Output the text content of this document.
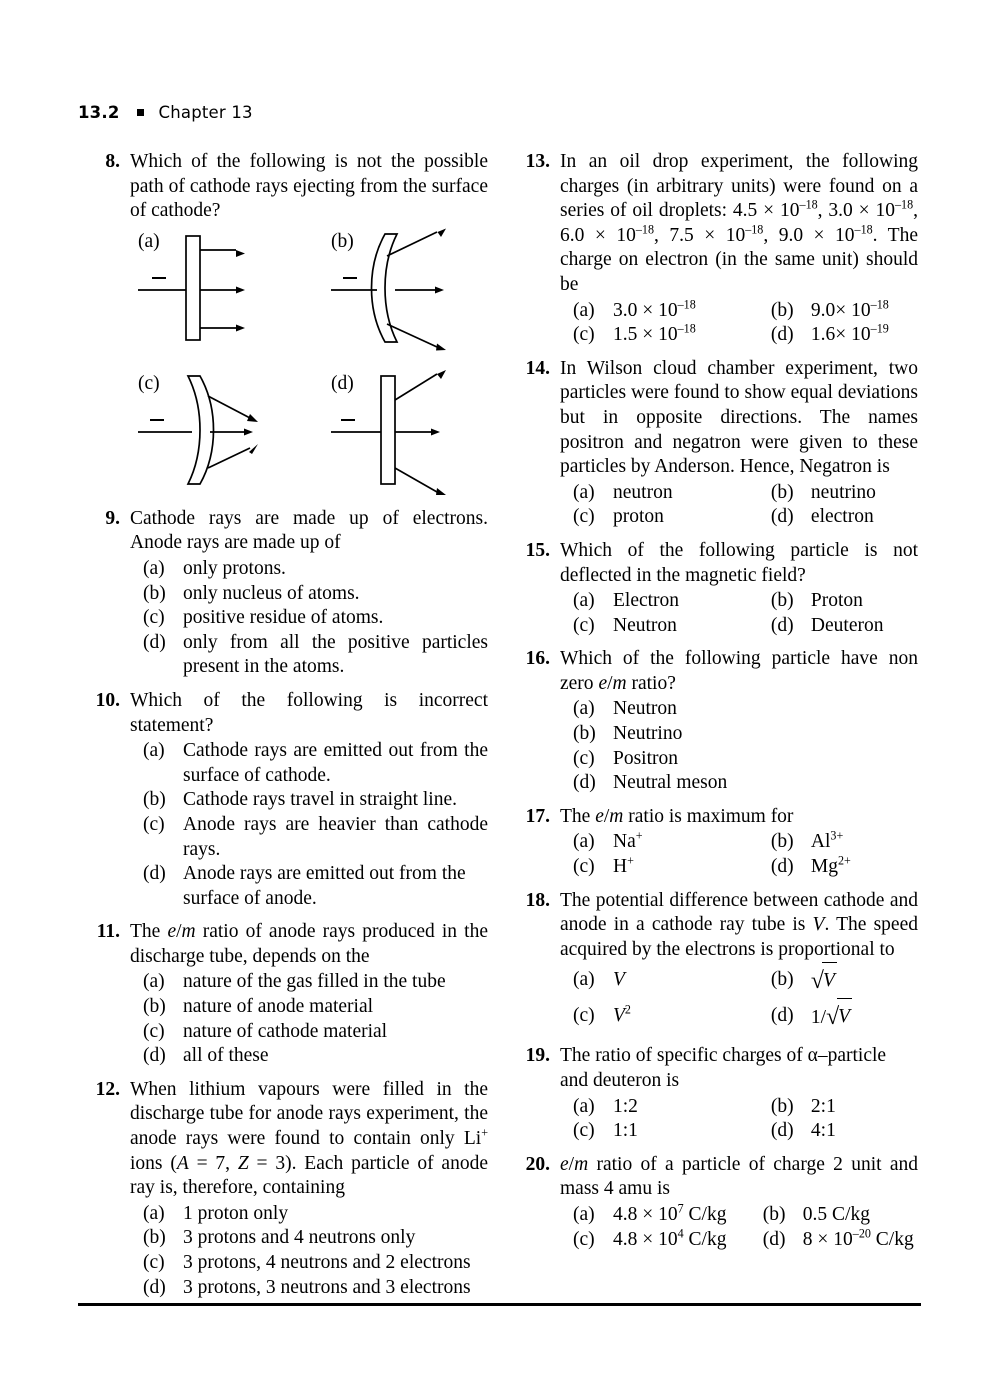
13.2 Chapter 13
8. Which of the following is not the possible path of cathode rays ejecting from the surface of cathode?
(a)	(b)
(c)	(d)
9. Cathode rays are made up of electrons. Anode rays are made up of
(a) only protons.
(b) only nucleus of atoms.
(c) positive residue of atoms.
(d) only from all the positive particles present in the atoms.
10. Which of the following is incorrect statement?
(a) Cathode rays are emitted out from the surface of cathode.
(b) Cathode rays travel in straight line.
(c) Anode rays are heavier than cathode rays.
(d) Anode rays are emitted out from the surface of anode.
11. The e/m ratio of anode rays produced in the discharge tube, depends on the
(a) nature of the gas filled in the tube
(b) nature of anode material
(c) nature of cathode material
(d) all of these
12. When lithium vapours were filled in the discharge tube for anode rays experiment, the anode rays were found to contain only Li+ ions (A = 7, Z = 3). Each particle of anode ray is, therefore, containing
(a) 1 proton only
(b) 3 protons and 4 neutrons only
(c) 3 protons, 4 neutrons and 2 electrons
(d) 3 protons, 3 neutrons and 3 electrons
13. In an oil drop experiment, the following charges (in arbitrary units) were found on a series of oil droplets: $4.5 \times 10^{-18}$, $3.0 \times 10^{-18}$, $6.0 \times 10^{-18}$, $7.5 \times 10^{-18}$, $9.0 \times 10^{-18}$. The charge on electron (in the same unit) should be
(a) $3.0 \times 10^{-18}$	(b) $9.0\times 10^{-18}$
(c) $1.5 \times 10^{-18}$	(d) $1.6\times 10^{-19}$
14. In Wilson cloud chamber experiment, two particles were found to show equal deviations but in opposite directions. The names positron and negatron were given to these particles by Anderson. Hence, Negatron is
(a) neutron	(b) neutrino
(c) proton	(d) electron
15. Which of the following particle is not deflected in the magnetic field?
(a) Electron	(b) Proton
(c) Neutron	(d) Deuteron
16. Which of the following particle have non zero e/m ratio?
(a) Neutron
(b) Neutrino
(c) Positron
(d) Neutral meson
17. The e/m ratio is maximum for
(a) Na+	(b) $Al^{3+}$
(c) H+	(d) $Mg^{2+}$
18. The potential difference between cathode and anode in a cathode ray tube is V. The speed acquired by the electrons is proportional to
(a) V	(b) √V
(c) $V^2$	(d) 1/√V
19. The ratio of specific charges of α–particle and deuteron is
(a) 1:2	(b) 2:1
(c) 1:1	(d) 4:1
20. e/m ratio of a particle of charge 2 unit and mass 4 amu is
(a) $4.8 \times 10^7$ C/kg	(b) 0.5 C/kg
(c) $4.8 \times 10^4$ C/kg	(d) $8 \times 10^{-20}$ C/kg
